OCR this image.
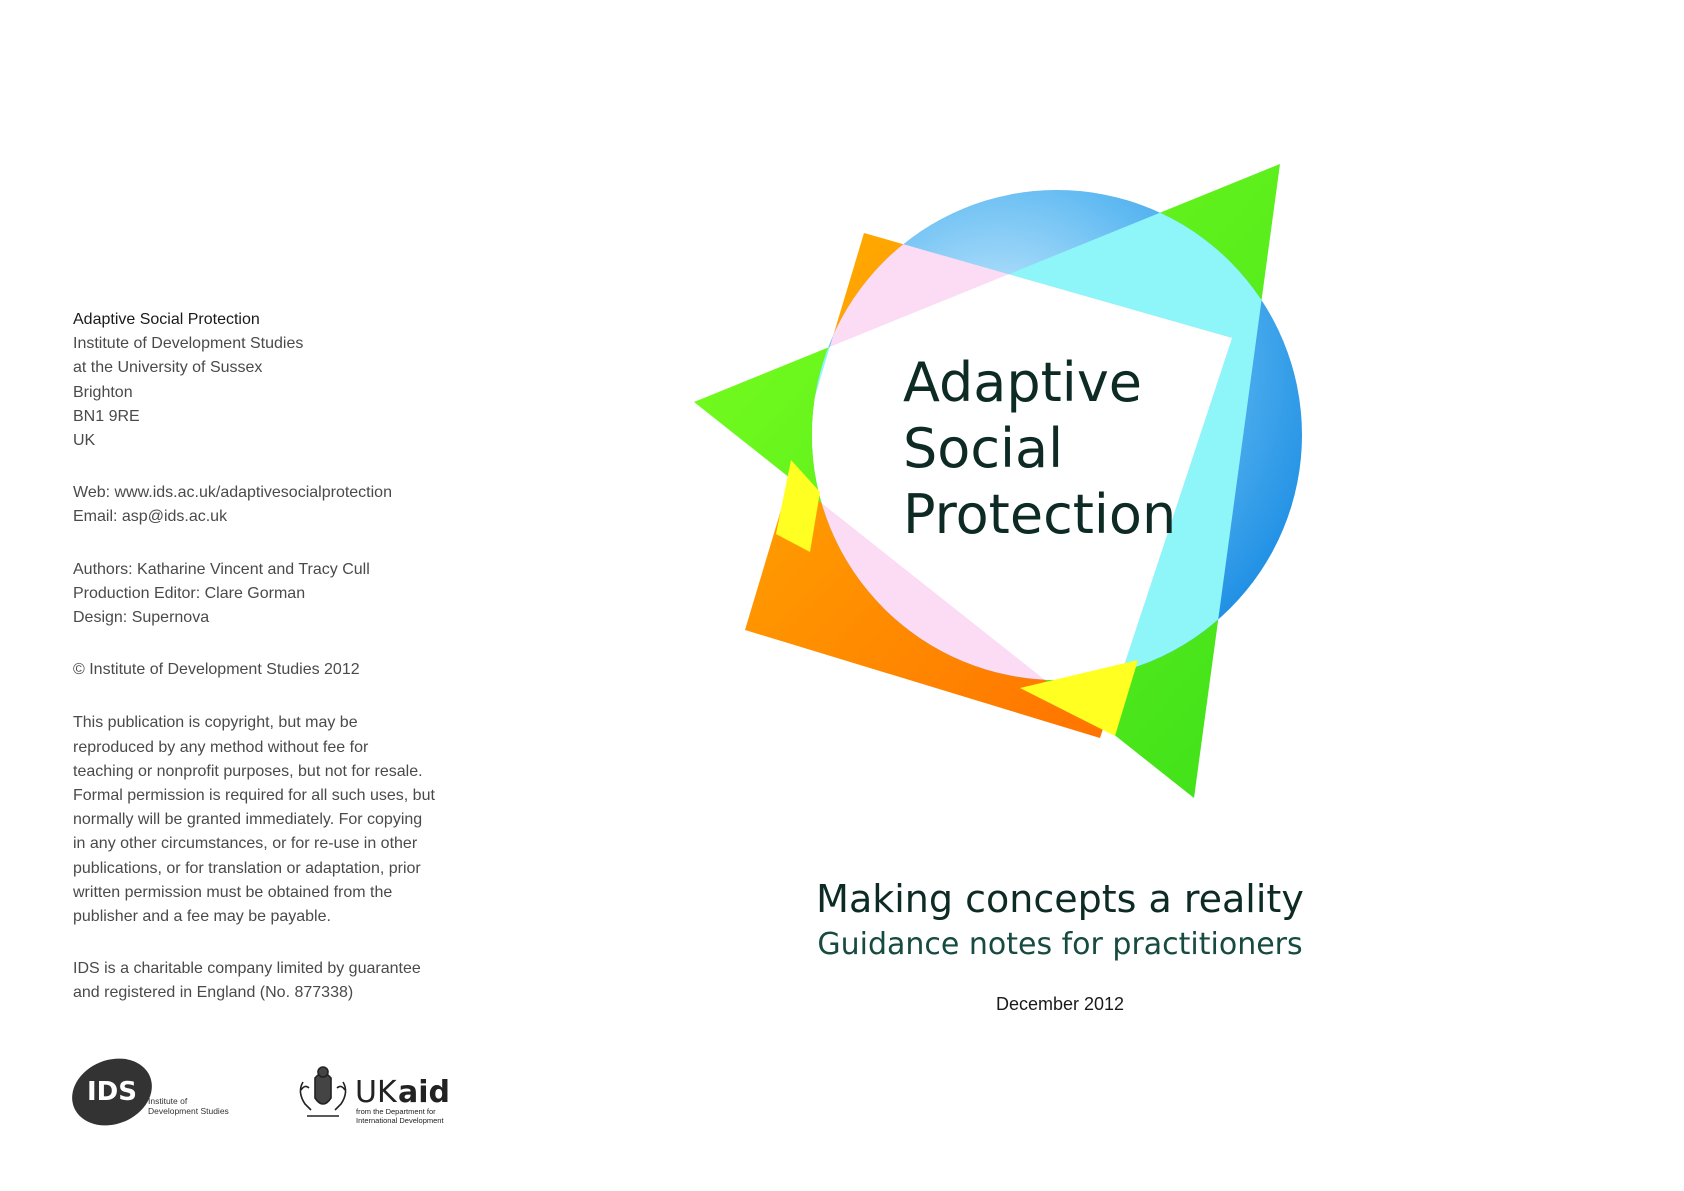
Adaptive Social Protection
Institute of Development Studies
at the University of Sussex
Brighton
BN1 9RE
UK
Web: www.ids.ac.uk/adaptivesocialprotection
Email: asp@ids.ac.uk
Authors: Katharine Vincent and Tracy Cull
Production Editor: Clare Gorman
Design: Supernova
© Institute of Development Studies 2012
This publication is copyright, but may be
reproduced by any method without fee for
teaching or nonprofit purposes, but not for resale.
Formal permission is required for all such uses, but
normally will be granted immediately. For copying
in any other circumstances, or for re-use in other
publications, or for translation or adaptation, prior
written permission must be obtained from the
publisher and a fee may be payable.
IDS is a charitable company limited by guarantee
and registered in England (No. 877338)
IDS Institute of
Development Studies
UK aid
from the Department for
International Development
Adaptive
Social
Protection
Making concepts a reality
Guidance notes for practitioners
December 2012
